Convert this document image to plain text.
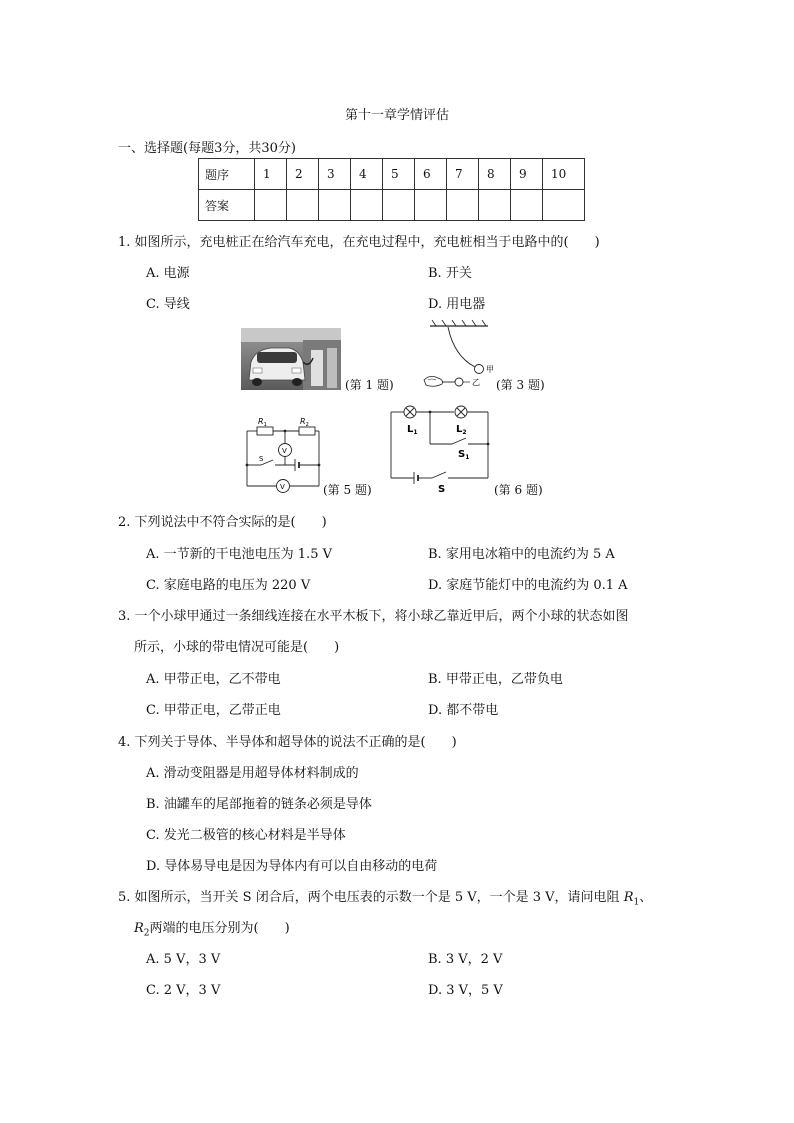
第十一章学情评估
一、选择题(每题3分，共30分)
题序	1	2	3	4	5	6	7	8	9	10
答案										
1. 如图所示，充电桩正在给汽车充电，在充电过程中，充电桩相当于电路中的(　　)
A. 电源	B. 开关
C. 导线	D. 用电器
(第 1 题)
甲
乙 (第 3 题)
$R_1$	$R_2$
V
V
S
(第 5 题)
$L_1$	$L_2$
$S_1$
S	(第 6 题)
2. 下列说法中不符合实际的是(　　)
A. 一节新的干电池电压为 1.5 V	B. 家用电冰箱中的电流约为 5 A
C. 家庭电路的电压为 220 V	D. 家庭节能灯中的电流约为 0.1 A
3. 一个小球甲通过一条细线连接在水平木板下，将小球乙靠近甲后，两个小球的状态如图
所示，小球的带电情况可能是(　　)
A. 甲带正电，乙不带电	B. 甲带正电，乙带负电
C. 甲带正电，乙带正电	D. 都不带电
4. 下列关于导体、半导体和超导体的说法不正确的是(　　)
A. 滑动变阻器是用超导体材料制成的
B. 油罐车的尾部拖着的链条必须是导体
C. 发光二极管的核心材料是半导体
D. 导体易导电是因为导体内有可以自由移动的电荷
5. 如图所示，当开关 S 闭合后，两个电压表的示数一个是 5 V，一个是 3 V，请问电阻 $R_1$、
$R_2$两端的电压分别为(　　)
A. 5 V，3 V	B. 3 V，2 V
C. 2 V，3 V	D. 3 V，5 V
